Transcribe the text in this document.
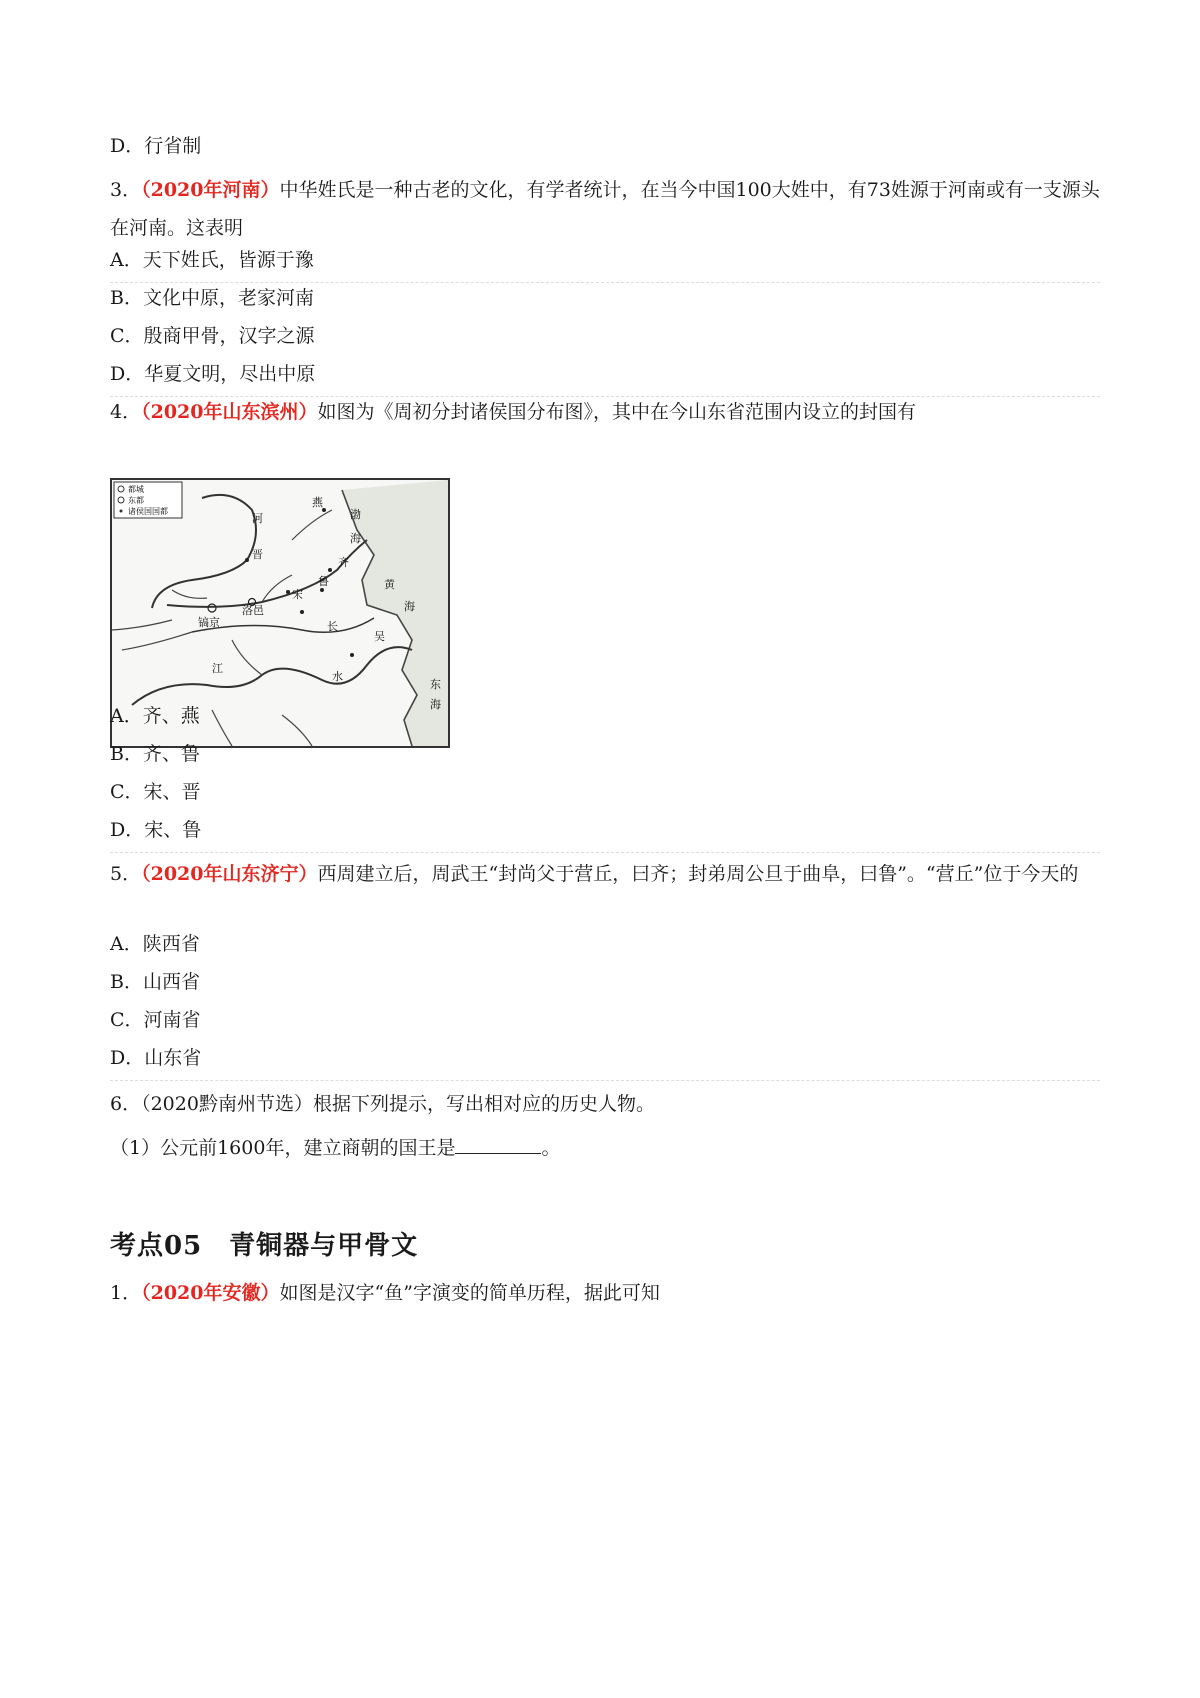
D．行省制
3．（2020年河南）中华姓氏是一种古老的文化，有学者统计，在当今中国100大姓中，有73姓源于河南或有一支源头在河南。这表明
A．天下姓氏，皆源于豫
B．文化中原，老家河南
C．殷商甲骨，汉字之源
D．华夏文明，尽出中原
4．（2020年山东滨州）如图为《周初分封诸侯国分布图》，其中在今山东省范围内设立的封国有
都城
东都
诸侯国国都
燕
渤
海
齐
鲁
晋
宋
洛邑
镐京
黄
海
吴
东
海
江
长
水
河
A．齐、燕
B．齐、鲁
C．宋、晋
D．宋、鲁
5．（2020年山东济宁）西周建立后，周武王“封尚父于营丘，曰齐；封弟周公旦于曲阜，曰鲁”。“营丘”位于今天的
A．陕西省
B．山西省
C．河南省
D．山东省
6．（2020黔南州节选）根据下列提示，写出相对应的历史人物。
（1）公元前1600年，建立商朝的国王是	。
考点05　青铜器与甲骨文
1．（2020年安徽）如图是汉字“鱼”字演变的简单历程，据此可知
